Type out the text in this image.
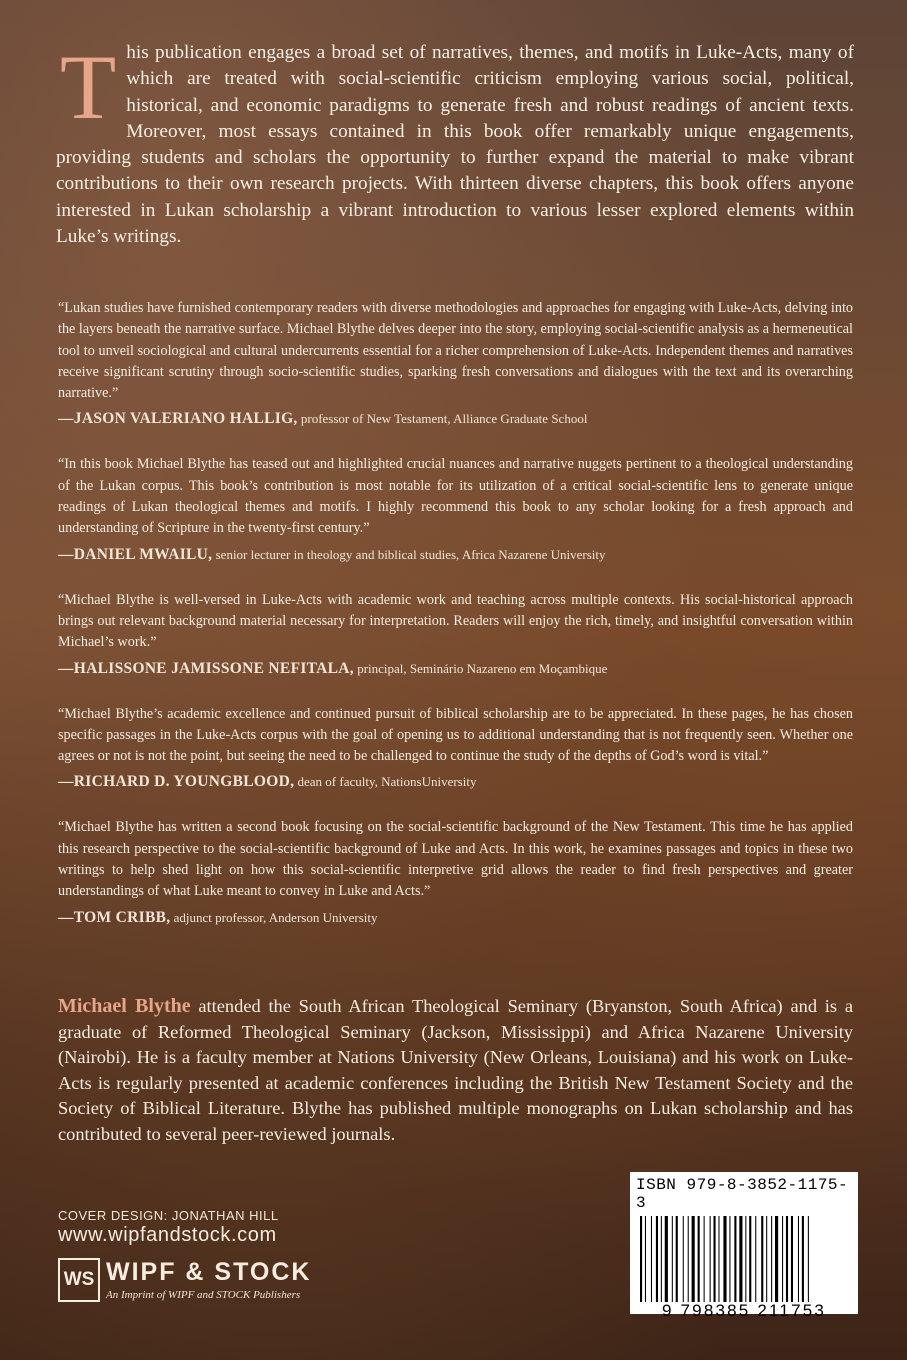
This publication engages a broad set of narratives, themes, and motifs in Luke-Acts, many of which are treated with social-scientific criticism employing various social, political, historical, and economic paradigms to generate fresh and robust readings of ancient texts. Moreover, most essays contained in this book offer remarkably unique engagements, providing students and scholars the opportunity to further expand the material to make vibrant contributions to their own research projects. With thirteen diverse chapters, this book offers anyone interested in Lukan scholarship a vibrant introduction to various lesser explored elements within Luke’s writings.

“Lukan studies have furnished contemporary readers with diverse methodologies and approaches for engaging with Luke-Acts, delving into the layers beneath the narrative surface. Michael Blythe delves deeper into the story, employing social-scientific analysis as a hermeneutical tool to unveil sociological and cultural undercurrents essential for a richer comprehension of Luke-Acts. Independent themes and narratives receive significant scrutiny through socio-scientific studies, sparking fresh conversations and dialogues with the text and its overarching narrative.”

—JASON VALERIANO HALLIG, professor of New Testament, Alliance Graduate School

“In this book Michael Blythe has teased out and highlighted crucial nuances and narrative nuggets pertinent to a theological understanding of the Lukan corpus. This book’s contribution is most notable for its utilization of a critical social-scientific lens to generate unique readings of Lukan theological themes and motifs. I highly recommend this book to any scholar looking for a fresh approach and understanding of Scripture in the twenty-first century.”

—DANIEL MWAILU, senior lecturer in theology and biblical studies, Africa Nazarene University

“Michael Blythe is well-versed in Luke-Acts with academic work and teaching across multiple contexts. His social-historical approach brings out relevant background material necessary for interpretation. Readers will enjoy the rich, timely, and insightful conversation within Michael’s work.”

—HALISSONE JAMISSONE NEFITALA, principal, Seminário Nazareno em Moçambique

“Michael Blythe’s academic excellence and continued pursuit of biblical scholarship are to be appreciated. In these pages, he has chosen specific passages in the Luke-Acts corpus with the goal of opening us to additional understanding that is not frequently seen. Whether one agrees or not is not the point, but seeing the need to be challenged to continue the study of the depths of God’s word is vital.”

—RICHARD D. YOUNGBLOOD, dean of faculty, NationsUniversity

“Michael Blythe has written a second book focusing on the social-scientific background of the New Testament. This time he has applied this research perspective to the social-scientific background of Luke and Acts. In this work, he examines passages and topics in these two writings to help shed light on how this social-scientific interpretive grid allows the reader to find fresh perspectives and greater understandings of what Luke meant to convey in Luke and Acts.”

—TOM CRIBB, adjunct professor, Anderson University
Michael Blythe attended the South African Theological Seminary (Bryanston, South Africa) and is a graduate of Reformed Theological Seminary (Jackson, Mississippi) and Africa Nazarene University (Nairobi). He is a faculty member at Nations University (New Orleans, Louisiana) and his work on Luke-Acts is regularly presented at academic conferences including the British New Testament Society and the Society of Biblical Literature. Blythe has published multiple monographs on Lukan scholarship and has contributed to several peer-reviewed journals.
COVER DESIGN: JONATHAN HILL
www.wipfandstock.com
WS WIPF & STOCK
An Imprint of WIPF and STOCK Publishers
ISBN 979-8-3852-1175-3
9 798385 211753
